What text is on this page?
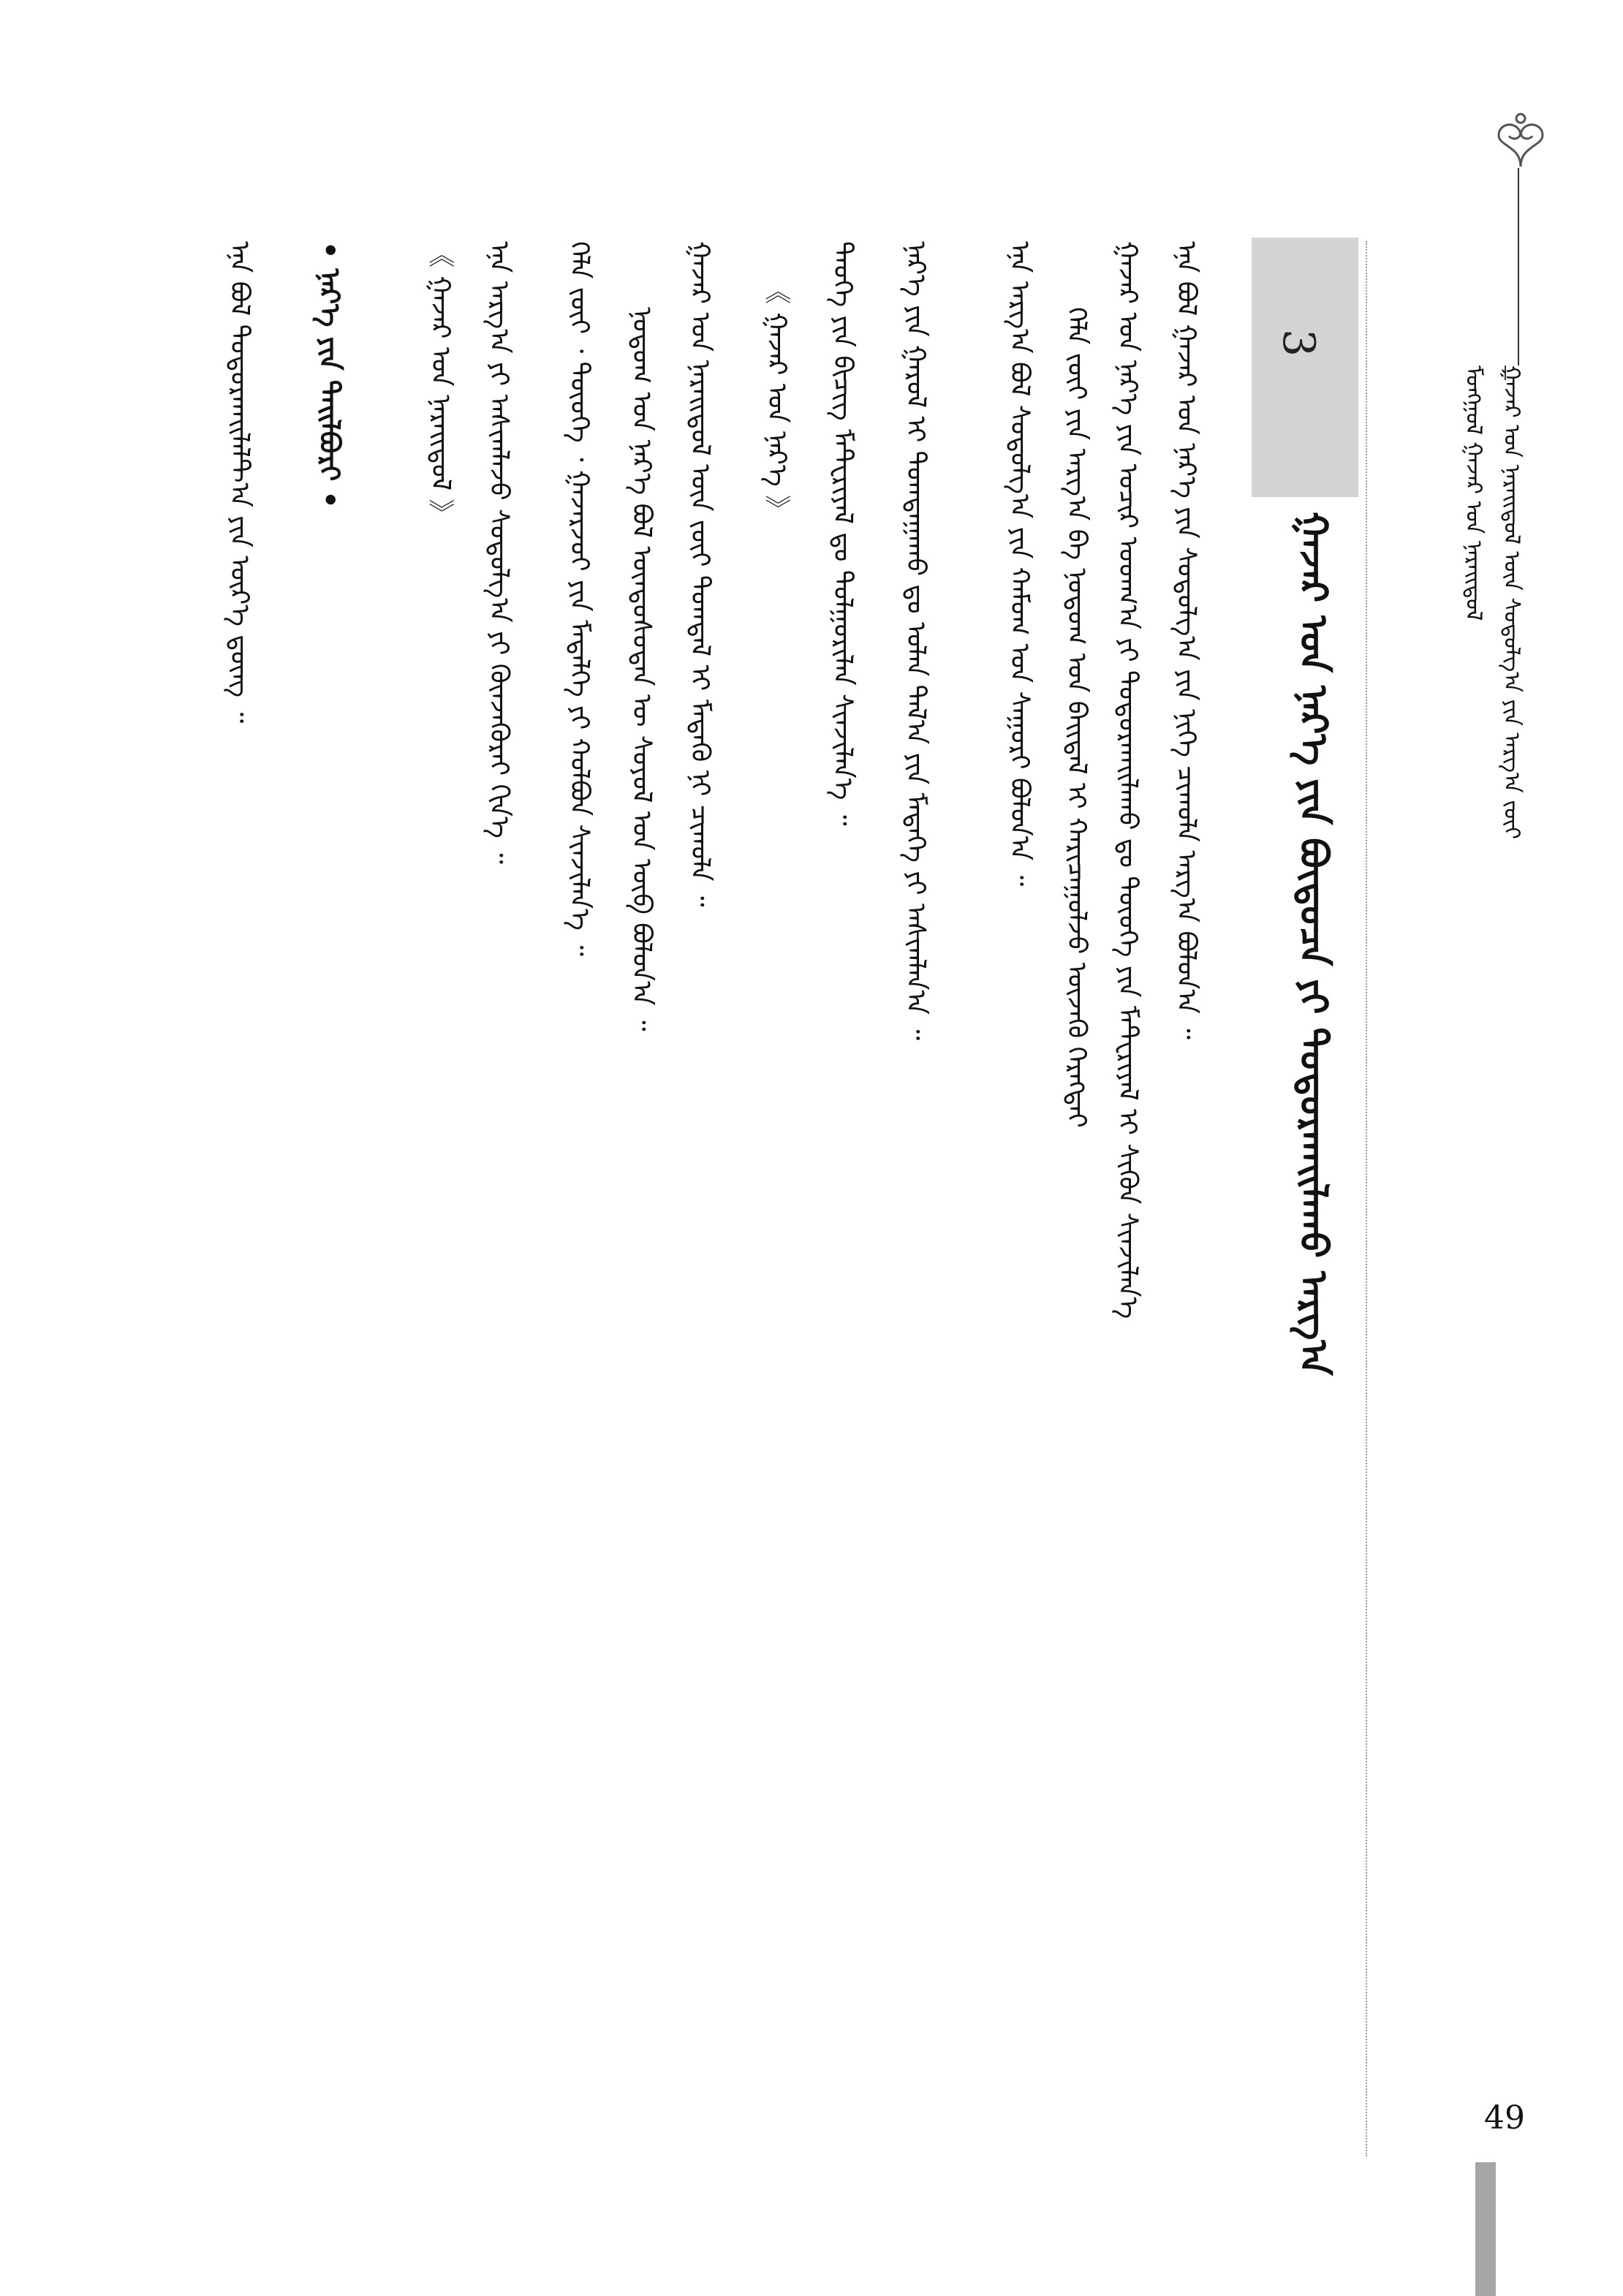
ᠭᠠᠵᠠᠷ ᠤᠨ ᠨᠡᠷᠡᠢᠳᠦᠯ ᠦᠨ ᠰᠤᠳᠤᠯᠭ᠎ᠠ ᠶᠢᠨ ᠠᠷᠭ᠎ᠠ ᠵᠦᠢ
ᠮᠣᠩᠭᠣᠯ ᠭᠠᠵᠠᠷ ᠤᠨ ᠨᠡᠷᠡᠢᠳᠦᠯ
3
ᠭᠠᠵᠠᠷ ᠤᠨ ᠨᠡᠷ᠎ᠡ ᠶᠢᠨ ᠪᠦᠲᠦᠴᠡ ᠶᠢ ᠲᠣᠳᠣᠷᠬᠠᠢᠯᠠᠬᠤ ᠠᠷᠭ᠎ᠠ
ᠡᠨᠡ ᠪᠣᠯ ᠭᠠᠵᠠᠷ ᠤᠨ ᠨᠡᠷ᠎ᠡ ᠶᠢᠨ ᠰᠤᠳᠤᠯᠭ᠎ᠠ ᠶᠢᠨ ᠨᠢᠭᠡ ᠴᠢᠬᠤᠯᠠ ᠠᠷᠭ᠎ᠠ ᠪᠣᠯᠤᠨ᠎ᠠ ᠃
ᠭᠠᠵᠠᠷ ᠤᠨ ᠨᠡᠷ᠎ᠡ ᠶᠢᠨ ᠤᠴᠢᠷ ᠤᠳᠬ᠎ᠠ ᠶᠢ ᠲᠣᠳᠣᠷᠬᠠᠢᠯᠠᠬᠤ ᠳᠤ ᠲᠦᠦᠬᠡ ᠶᠢᠨ ᠮᠠᠲ᠋ᠧᠷᠢᠶᠠᠯ ᠢ ᠰᠢᠭᠦᠨ ᠰᠢᠨᠵᠢᠯᠡᠨ᠎ᠡ
ᠬᠡᠯᠡ ᠵᠦᠢ ᠶᠢᠨ ᠠᠷᠭ᠎ᠠ ᠪᠠ ᠨᠤᠲᠤᠭ ᠤᠨ ᠪᠠᠢᠳᠠᠯ ᠢ ᠬᠠᠷᠢᠴᠠᠭᠤᠯᠵᠤ ᠦᠵᠡᠬᠦ ᠬᠡᠷᠡᠭᠲᠡᠢ
ᠡᠨᠡ ᠠᠷᠭ᠎ᠠ ᠪᠣᠯ ᠰᠤᠳᠤᠯᠭ᠎ᠠ ᠶᠢᠨ ᠬᠠᠮᠤᠭ ᠤᠨ ᠰᠠᠭᠤᠷᠢ ᠪᠣᠯᠤᠨ᠎ᠠ ᠃
ᠨᠡᠷ᠎ᠡ ᠶᠢᠨ ᠭᠠᠷᠤᠯ ᠢ ᠲᠣᠭᠲᠠᠭᠠᠬᠤ ᠳᠤ ᠣᠯᠠᠨ ᠲᠠᠯ᠎ᠠ ᠶᠢᠨ ᠮᠡᠳᠡᠭᠡ ᠶᠢ ᠠᠰᠢᠭᠯᠠᠨ᠎ᠠ ᠃
ᠲᠡᠦᠬᠡ ᠶᠢᠨ ᠪᠢᠴᠢᠭ ᠮᠠᠲ᠋ᠧᠷᠢᠶᠠᠯ ᠳᠤ ᠲᠤᠯᠭᠤᠷᠢᠯᠠᠨ ᠰᠢᠨᠵᠢᠯᠡᠨ᠎ᠡ ᠃
《 ᠭᠠᠵᠠᠷ ᠤᠨ ᠨᠡᠷ᠎ᠡ 》
ᠭᠠᠵᠠᠷ ᠤᠨ ᠨᠡᠷᠡᠢᠳᠦᠯ ᠦᠨ ᠵᠦᠢ ᠲᠣᠭᠲᠠᠯ ᠢ ᠮᠡᠳᠡᠬᠦ ᠨᠢ ᠴᠢᠬᠤᠯᠠ ᠃
ᠨᠤᠲᠤᠭ ᠤᠨ ᠨᠡᠷ᠎ᠡ ᠪᠣᠯ ᠦᠨᠳᠦᠰᠦᠲᠡᠨ ᠦ ᠰᠣᠶᠣᠯ ᠤᠨ ᠥᠪ ᠪᠣᠯᠤᠨ᠎ᠠ ᠃
ᠬᠡᠯᠡ ᠵᠦᠢ ᠂ ᠲᠦᠦᠬᠡ ᠂ ᠭᠠᠵᠠᠷᠵᠦᠢ ᠶᠢᠨ ᠮᠡᠳᠡᠯᠭᠡ ᠶᠢ ᠬᠣᠯᠪᠣᠨ ᠰᠢᠨᠵᠢᠯᠡᠨ᠎ᠡ ᠃
ᠡᠨᠡ ᠠᠷᠭ᠎ᠠ ᠶᠢ ᠠᠰᠢᠭᠯᠠᠵᠤ ᠰᠤᠳᠤᠯᠭ᠎ᠠ ᠶᠢ ᠭᠦᠨᠵᠡᠭᠦᠷᠡᠢ ᠬᠢᠨ᠎ᠡ ᠃
《 ᠭᠠᠵᠠᠷ ᠤᠨ ᠨᠡᠷᠡᠢᠳᠦᠯ 》
• ᠨᠡᠷ᠎ᠡ ᠶᠢᠨ ᠲᠠᠢᠯᠪᠤᠷᠢ •
ᠡᠨᠡ ᠪᠣᠯ ᠲᠣᠳᠣᠷᠬᠠᠢᠯᠠᠯᠲ᠎ᠠ ᠶᠢᠨ ᠦᠷ᠎ᠡ ᠳ᠋ᠦᠩ ᠃
49
